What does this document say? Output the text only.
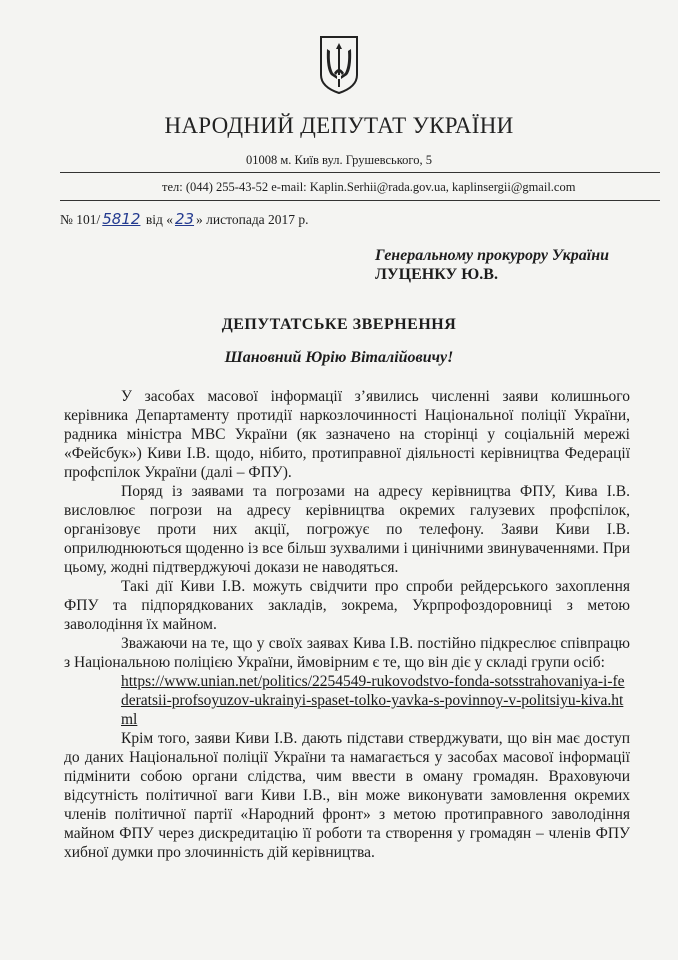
НАРОДНИЙ ДЕПУТАТ УКРАЇНИ
01008 м. Київ вул. Грушевського, 5
тел: (044) 255-43-52 e-mail: Kaplin.Serhii@rada.gov.ua, kaplinsergii@gmail.com
№ 101/ 5812 від « 23 » листопада 2017 р.
Генеральному прокурору України
ЛУЦЕНКУ Ю.В.
ДЕПУТАТСЬКЕ ЗВЕРНЕННЯ
Шановний Юрію Віталійовичу!

У засобах масової інформації з’явились численні заяви колишнього керівника Департаменту протидії наркозлочинності Національної поліції України, радника міністра МВС України (як зазначено на сторінці у соціальній мережі «Фейсбук») Киви І.В. щодо, нібито, протиправної діяльності керівництва Федерації профспілок України (далі – ФПУ).

Поряд із заявами та погрозами на адресу керівництва ФПУ, Кива І.В. висловлює погрози на адресу керівництва окремих галузевих профспілок, організовує проти них акції, погрожує по телефону. Заяви Киви І.В. оприлюднюються щоденно із все більш зухвалими і цинічними звинуваченнями. При цьому, жодні підтверджуючі докази не наводяться.

Такі дії Киви І.В. можуть свідчити про спроби рейдерського захоплення ФПУ та підпорядкованих закладів, зокрема, Укрпрофоздоровниці з метою заволодіння їх майном.

Зважаючи на те, що у своїх заявах Кива І.В. постійно підкреслює співпрацю з Національною поліцією України, ймовірним є те, що він діє у складі групи осіб:

https://www.unian.net/politics/2254549-rukovodstvo-fonda-sotsstrahovaniya-i-federatsii-profsoyuzov-ukrainyi-spaset-tolko-yavka-s-povinnoy-v-politsiyu-kiva.html

Крім того, заяви Киви І.В. дають підстави стверджувати, що він має доступ до даних Національної поліції України та намагається у засобах масової інформації підмінити собою органи слідства, чим ввести в оману громадян. Враховуючи відсутність політичної ваги Киви І.В., він може виконувати замовлення окремих членів політичної партії «Народний фронт» з метою протиправного заволодіння майном ФПУ через дискредитацію її роботи та створення у громадян – членів ФПУ хибної думки про злочинність дій керівництва.
